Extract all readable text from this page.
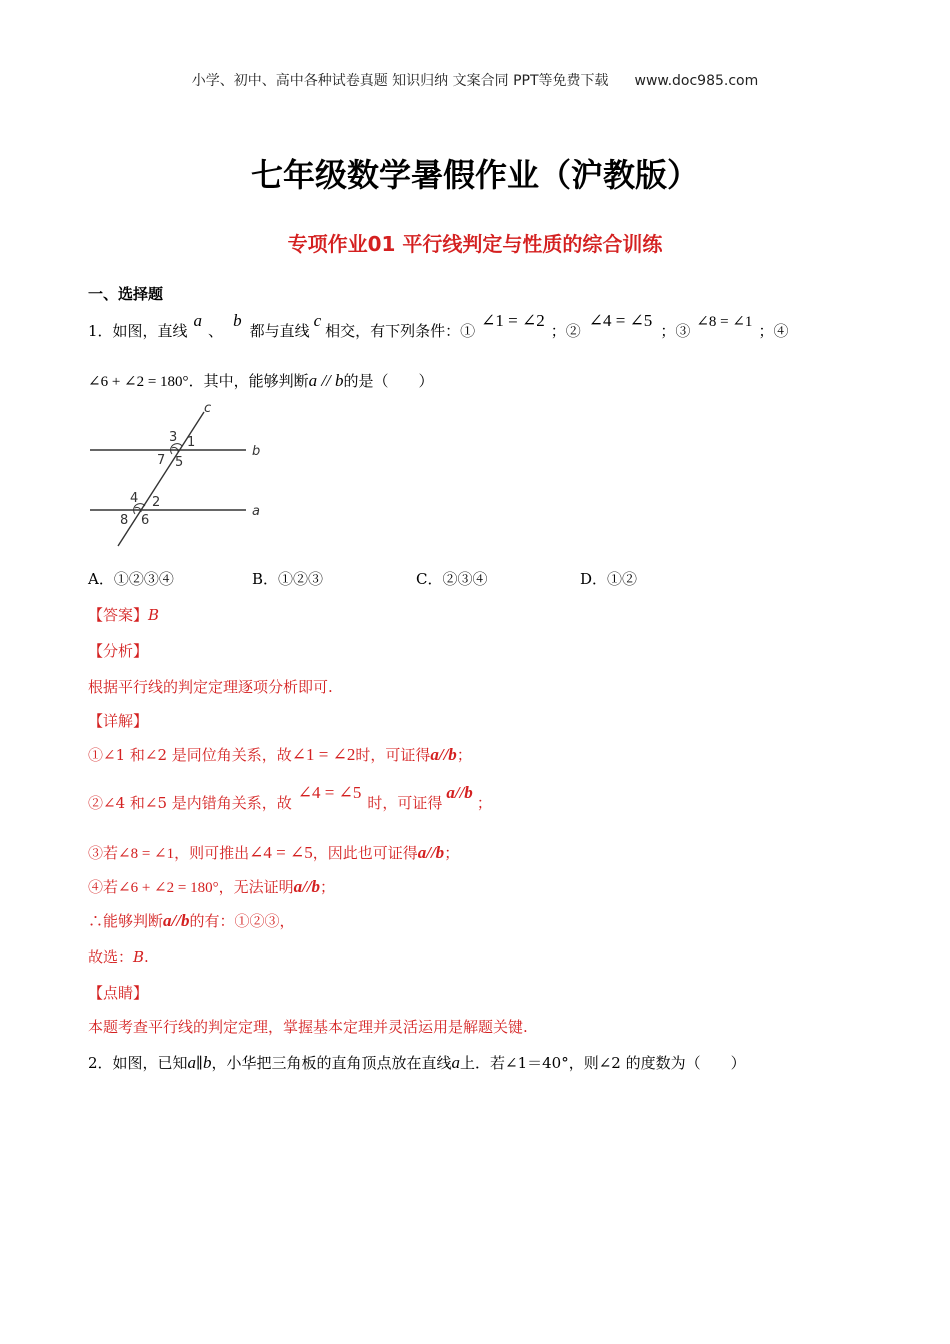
小学、初中、高中各种试卷真题 知识归纳 文案合同 PPT等免费下载 www.doc985.com
七年级数学暑假作业（沪教版）
专项作业01 平行线判定与性质的综合训练
一、选择题
1．如图，直线a、b都与直线c相交，有下列条件：①∠1 = ∠2；②∠4 = ∠5；③ ∠8 = ∠1 ；④
∠6 + ∠2 = 180°．其中，能够判断a // b的是（　　）
c
b
a
3 1
7 5
4 2
8 6
A．①②③④	B．①②③	C．②③④	D．①②
【答案】B
【分析】
根据平行线的判定定理逐项分析即可.
【详解】
①∠1 和∠2 是同位角关系，故∠1 = ∠2时，可证得a//b；
②∠4 和∠5 是内错角关系，故∠4 = ∠5时，可证得a//b；
③若∠8 = ∠1，则可推出∠4 = ∠5，因此也可证得a//b；
④若∠6 + ∠2 = 180°，无法证明a//b；
∴能够判断a//b的有：①②③，
故选：B.
【点睛】
本题考查平行线的判定定理，掌握基本定理并灵活运用是解题关键.
2．如图，已知a∥b，小华把三角板的直角顶点放在直线a上．若∠1＝40°，则∠2 的度数为（　　）
